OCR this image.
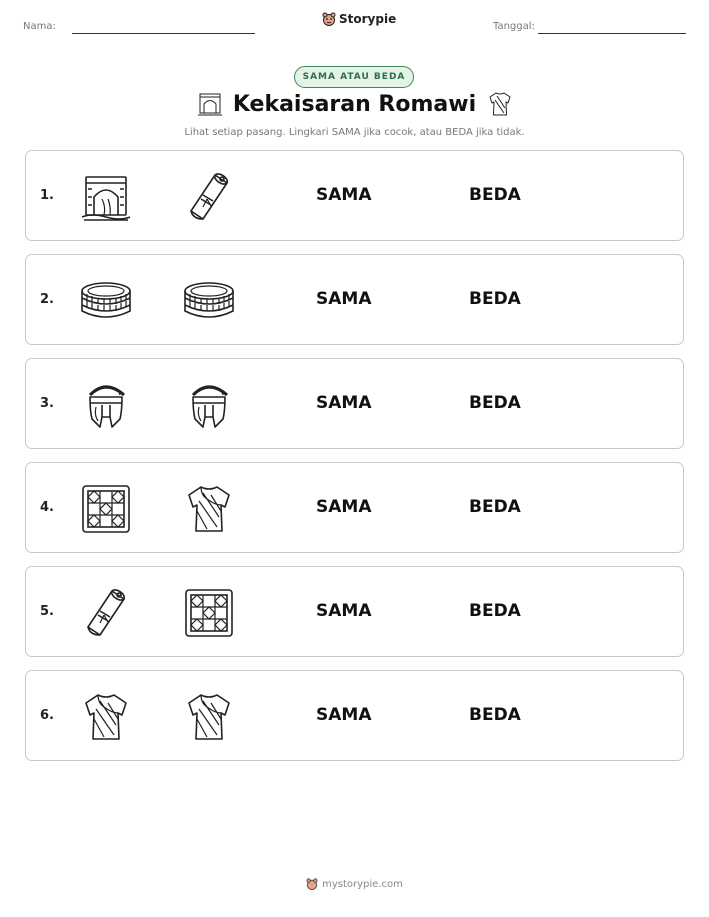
Nama:
Storypie
Tanggal:
SAMA ATAU BEDA
Kekaisaran Romawi
Lihat setiap pasang. Lingkari SAMA jika cocok, atau BEDA jika tidak.
1.	SAMA	BEDA
2.	SAMA	BEDA
3.	SAMA	BEDA
4.	SAMA	BEDA
5.	SAMA	BEDA
6.	SAMA	BEDA
mystorypie.com
